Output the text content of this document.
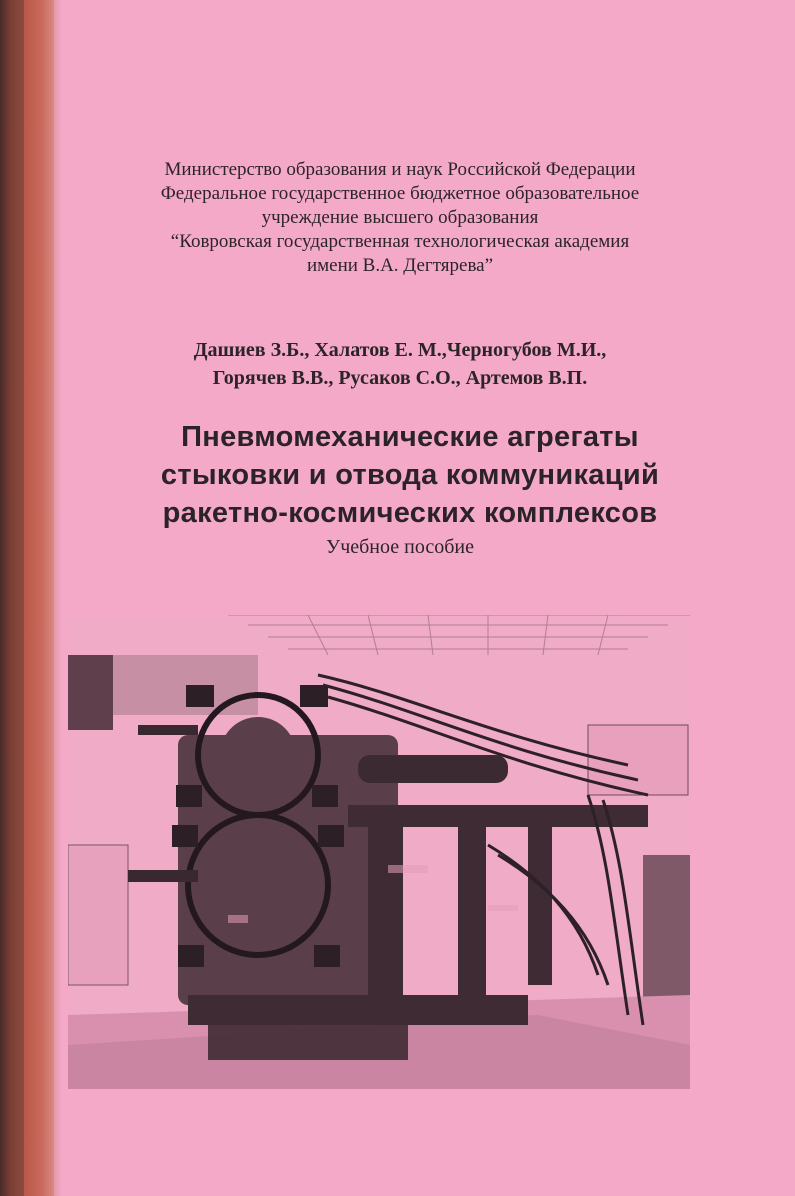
Министерство образования и наук Российской Федерации
Федеральное государственное бюджетное образовательное
учреждение высшего образования
“Ковровская государственная технологическая академия
имени В.А. Дегтярева”
Дашиев З.Б., Халатов Е. М.,Черногубов М.И.,
Горячев В.В., Русаков С.О., Артемов В.П.
Пневмомеханические агрегаты
стыковки и отвода коммуникаций
ракетно-космических комплексов
Учебное пособие
